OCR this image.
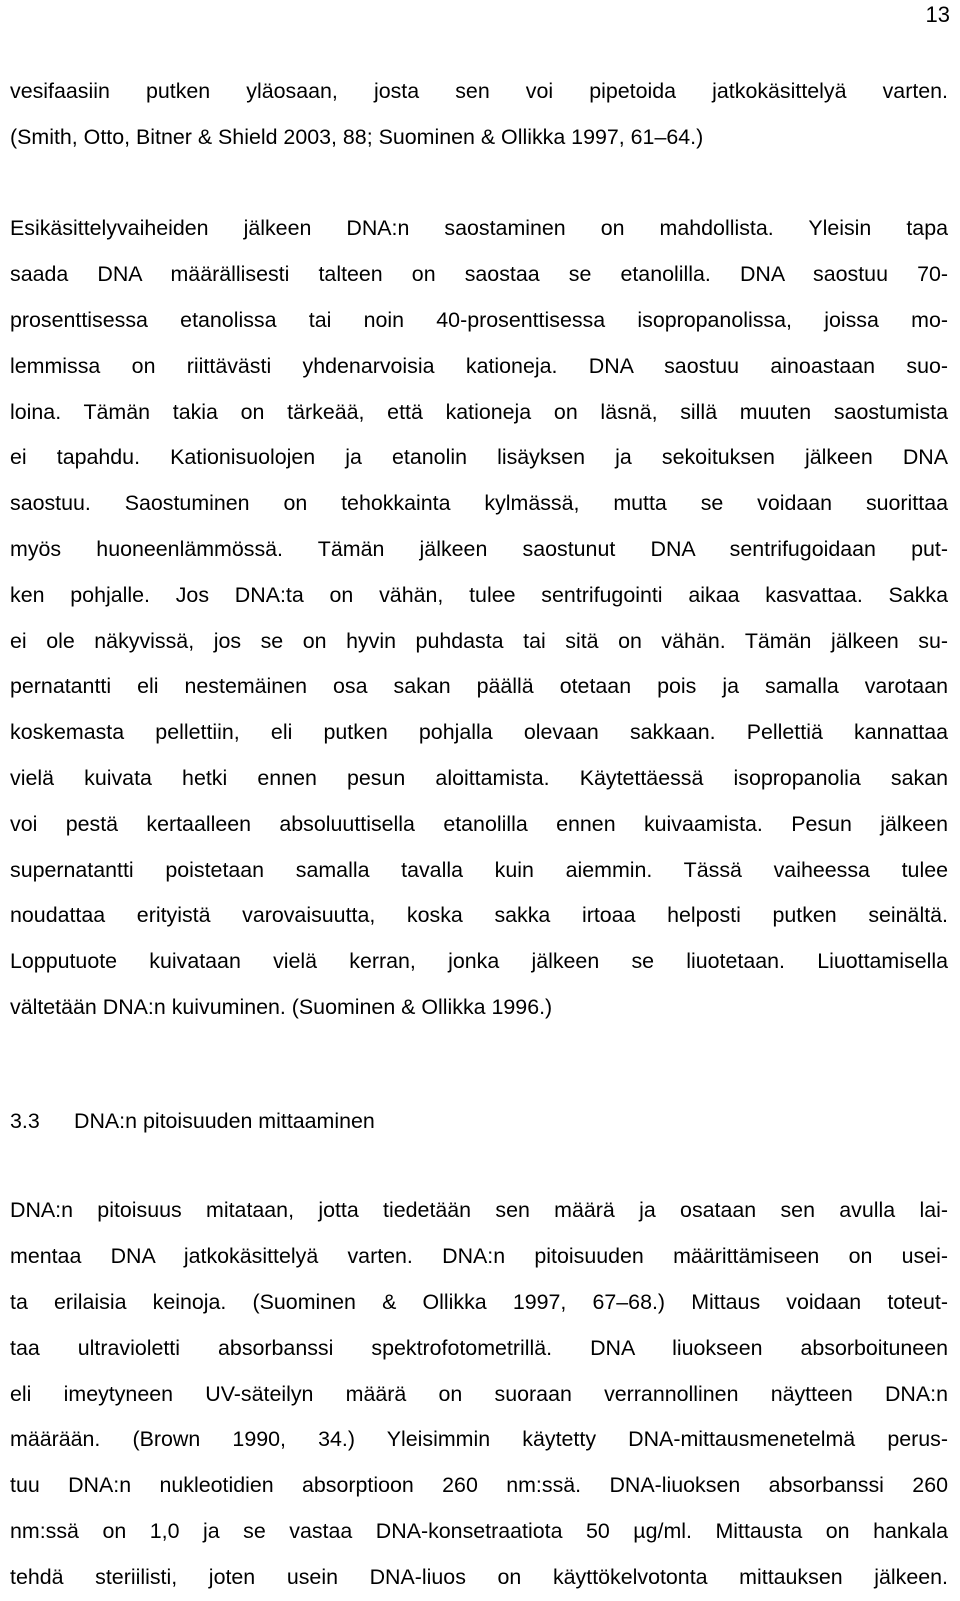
13
vesifaasiin putken yläosaan, josta sen voi pipetoida jatkokäsittelyä varten.
(Smith, Otto, Bitner & Shield 2003, 88; Suominen & Ollikka 1997, 61–64.)
Esikäsittelyvaiheiden jälkeen DNA:n saostaminen on mahdollista. Yleisin tapa
saada DNA määrällisesti talteen on saostaa se etanolilla. DNA saostuu 70-
prosenttisessa etanolissa tai noin 40-prosenttisessa isopropanolissa, joissa mo-
lemmissa on riittävästi yhdenarvoisia kationeja. DNA saostuu ainoastaan suo-
loina. Tämän takia on tärkeää, että kationeja on läsnä, sillä muuten saostumista
ei tapahdu. Kationisuolojen ja etanolin lisäyksen ja sekoituksen jälkeen DNA
saostuu. Saostuminen on tehokkainta kylmässä, mutta se voidaan suorittaa
myös huoneenlämmössä. Tämän jälkeen saostunut DNA sentrifugoidaan put-
ken pohjalle. Jos DNA:ta on vähän, tulee sentrifugointi aikaa kasvattaa. Sakka
ei ole näkyvissä, jos se on hyvin puhdasta tai sitä on vähän. Tämän jälkeen su-
pernatantti eli nestemäinen osa sakan päällä otetaan pois ja samalla varotaan
koskemasta pellettiin, eli putken pohjalla olevaan sakkaan. Pellettiä kannattaa
vielä kuivata hetki ennen pesun aloittamista. Käytettäessä isopropanolia sakan
voi pestä kertaalleen absoluuttisella etanolilla ennen kuivaamista. Pesun jälkeen
supernatantti poistetaan samalla tavalla kuin aiemmin. Tässä vaiheessa tulee
noudattaa erityistä varovaisuutta, koska sakka irtoaa helposti putken seinältä.
Lopputuote kuivataan vielä kerran, jonka jälkeen se liuotetaan. Liuottamisella
vältetään DNA:n kuivuminen. (Suominen & Ollikka 1996.)
3.3 DNA:n pitoisuuden mittaaminen
DNA:n pitoisuus mitataan, jotta tiedetään sen määrä ja osataan sen avulla lai-
mentaa DNA jatkokäsittelyä varten. DNA:n pitoisuuden määrittämiseen on usei-
ta erilaisia keinoja. (Suominen & Ollikka 1997, 67–68.) Mittaus voidaan toteut-
taa ultravioletti absorbanssi spektrofotometrillä. DNA liuokseen absorboituneen
eli imeytyneen UV-säteilyn määrä on suoraan verrannollinen näytteen DNA:n
määrään. (Brown 1990, 34.) Yleisimmin käytetty DNA-mittausmenetelmä perus-
tuu DNA:n nukleotidien absorptioon 260 nm:ssä. DNA-liuoksen absorbanssi 260
nm:ssä on 1,0 ja se vastaa DNA-konsetraatiota 50 µg/ml. Mittausta on hankala
tehdä steriilisti, joten usein DNA-liuos on käyttökelvotonta mittauksen jälkeen.
